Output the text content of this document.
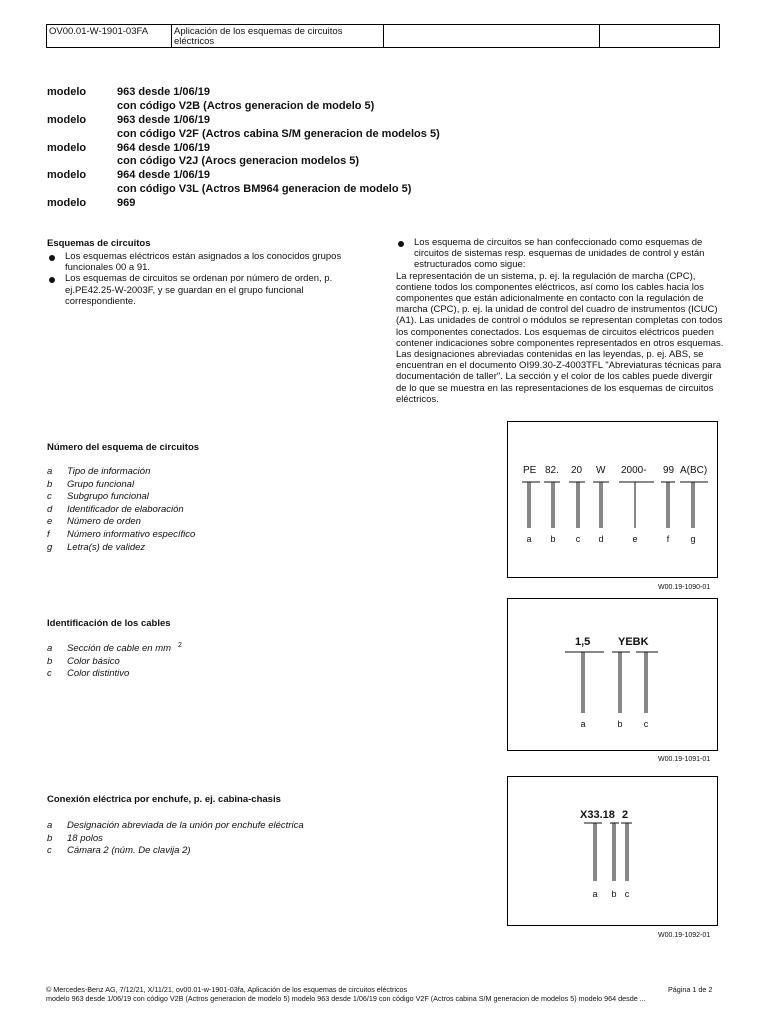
OV00.01-W-1901-03FA	Aplicación de los esquemas de circuitos eléctricos
modelo	963 desde 1/06/19
con código V2B (Actros generacion de modelo 5)
modelo	963 desde 1/06/19
con código V2F (Actros cabina S/M generacion de modelos 5)
modelo	964 desde 1/06/19
con código V2J (Arocs generacion modelos 5)
modelo	964 desde 1/06/19
con código V3L (Actros BM964 generacion de modelo 5)
modelo	969
Esquemas de circuitos
Los esquemas eléctricos están asignados a los conocidos grupos funcionales 00 a 91.
Los esquemas de circuitos se ordenan por número de orden, p. ej.PE42.25-W-2003F, y se guardan en el grupo funcional correspondiente.
Los esquema de circuitos se han confeccionado como esquemas de circuitos de sistemas resp. esquemas de unidades de control y están estructurados como sigue:
La representación de un sistema, p. ej. la regulación de marcha (CPC), contiene todos los componentes eléctricos, así como los cables hacia los componentes que están adicionalmente en contacto con la regulación de marcha (CPC), p. ej. la unidad de control del cuadro de instrumentos (ICUC) (A1). Las unidades de control o módulos se representan completas con todos los componentes conectados. Los esquemas de circuitos eléctricos pueden contener indicaciones sobre componentes representados en otros esquemas. Las designaciones abreviadas contenidas en las leyendas, p. ej. ABS, se encuentran en el documento OI99.30-Z-4003TFL "Abreviaturas técnicas para documentación de taller". La sección y el color de los cables puede divergir de lo que se muestra en las representaciones de los esquemas de circuitos eléctricos.
Número del esquema de circuitos
a Tipo de información
b Grupo funcional
c Subgrupo funcional
d Identificador de elaboración
e Número de orden
f Número informativo específico
g Letra(s) de validez
PE 82. 20 W 2000- 99 A(BC)
a b c d	e	f g
W00.19-1090-01
Identificación de los cables
a Sección de cable en mm $^2$
b Color básico
c Color distintivo
1,5	YEBK
a	b c
W00.19-1091-01
Conexión eléctrica por enchufe, p. ej. cabina-chasis
a Designación abreviada de la unión por enchufe eléctrica
b 18 polos
c Cámara 2 (núm. De clavija 2)
X33.18 2
a b c
W00.19-1092-01
© Mercedes-Benz AG, 7/12/21, X/11/21, ov00.01-w-1901-03fa, Aplicación de los esquemas de circuitos eléctricos	Página 1 de 2
modelo 963 desde 1/06/19 con código V2B (Actros generacion de modelo 5) modelo 963 desde 1/06/19 con código V2F (Actros cabina S/M generacion de modelos 5) modelo 964 desde ...
